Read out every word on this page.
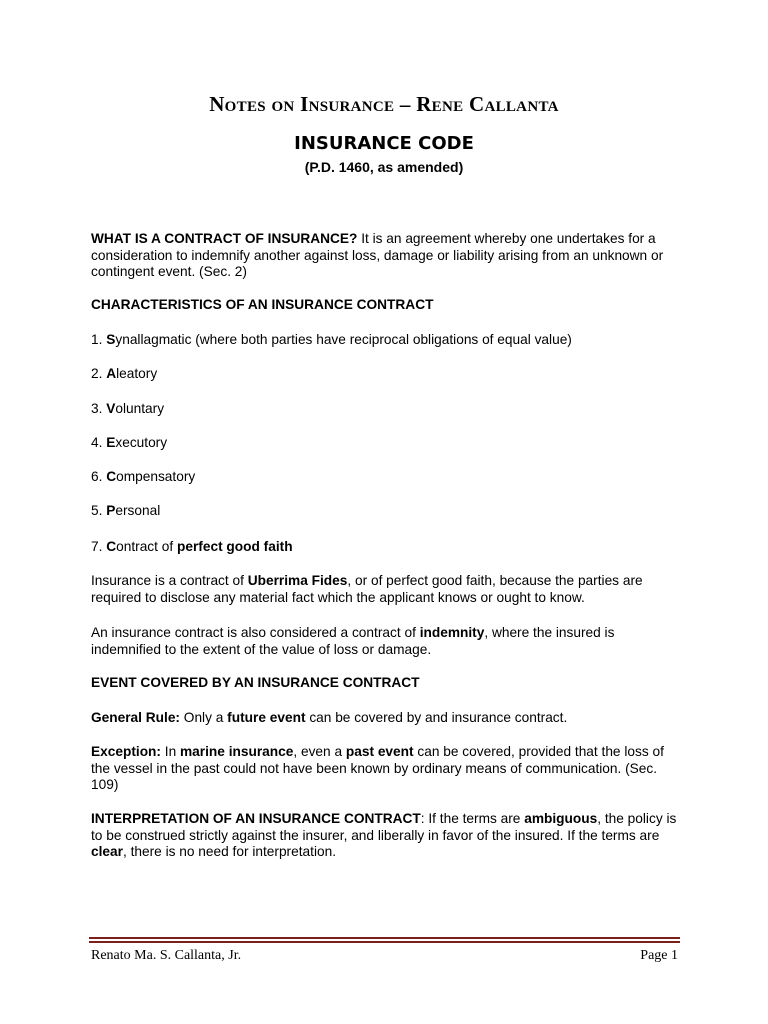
Notes on Insurance – Rene Callanta
INSURANCE CODE
(P.D. 1460, as amended)
WHAT IS A CONTRACT OF INSURANCE? It is an agreement whereby one undertakes for a consideration to indemnify another against loss, damage or liability arising from an unknown or contingent event. (Sec. 2)
CHARACTERISTICS OF AN INSURANCE CONTRACT
1. Synallagmatic (where both parties have reciprocal obligations of equal value)
2. Aleatory
3. Voluntary
4. Executory
6. Compensatory
5. Personal
7. Contract of perfect good faith
Insurance is a contract of Uberrima Fides, or of perfect good faith, because the parties are required to disclose any material fact which the applicant knows or ought to know.
An insurance contract is also considered a contract of indemnity, where the insured is indemnified to the extent of the value of loss or damage.
EVENT COVERED BY AN INSURANCE CONTRACT
General Rule: Only a future event can be covered by and insurance contract.
Exception: In marine insurance, even a past event can be covered, provided that the loss of the vessel in the past could not have been known by ordinary means of communication. (Sec. 109)
INTERPRETATION OF AN INSURANCE CONTRACT: If the terms are ambiguous, the policy is to be construed strictly against the insurer, and liberally in favor of the insured. If the terms are clear, there is no need for interpretation.
Renato Ma. S. Callanta, Jr.	Page 1
